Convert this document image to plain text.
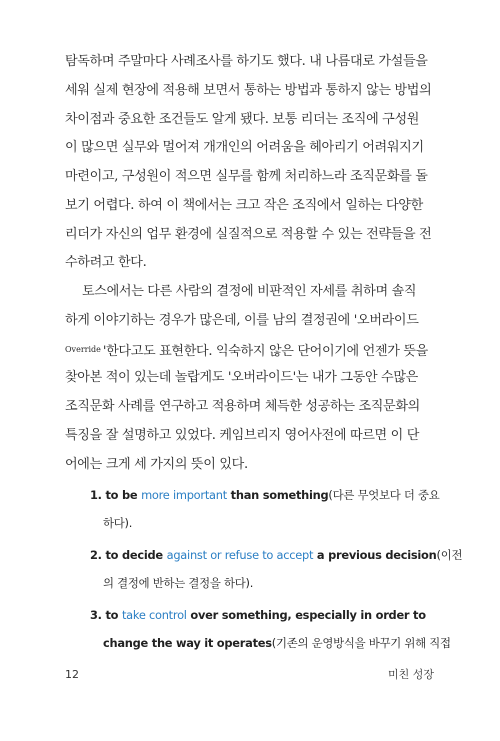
탐독하며 주말마다 사례조사를 하기도 했다. 내 나름대로 가설들을
세워 실제 현장에 적용해 보면서 통하는 방법과 통하지 않는 방법의
차이점과 중요한 조건들도 알게 됐다. 보통 리더는 조직에 구성원
이 많으면 실무와 멀어져 개개인의 어려움을 헤아리기 어려워지기
마련이고, 구성원이 적으면 실무를 함께 처리하느라 조직문화를 돌
보기 어렵다. 하여 이 책에서는 크고 작은 조직에서 일하는 다양한
리더가 자신의 업무 환경에 실질적으로 적용할 수 있는 전략들을 전
수하려고 한다.
토스에서는 다른 사람의 결정에 비판적인 자세를 취하며 솔직
하게 이야기하는 경우가 많은데, 이를 남의 결정권에 '오버라이드
$^{Override}$ '한다고도 표현한다. 익숙하지 않은 단어이기에 언젠가 뜻을
찾아본 적이 있는데 놀랍게도 '오버라이드'는 내가 그동안 수많은
조직문화 사례를 연구하고 적용하며 체득한 성공하는 조직문화의
특징을 잘 설명하고 있었다. 케임브리지 영어사전에 따르면 이 단
어에는 크게 세 가지의 뜻이 있다.
1. to be more important than something(다른 무엇보다 더 중요
하다).
2. to decide against or refuse to accept a previous decision(이전
의 결정에 반하는 결정을 하다).
3. to take control over something, especially in order to
change the way it operates(기존의 운영방식을 바꾸기 위해 직접
12	미친 성장
